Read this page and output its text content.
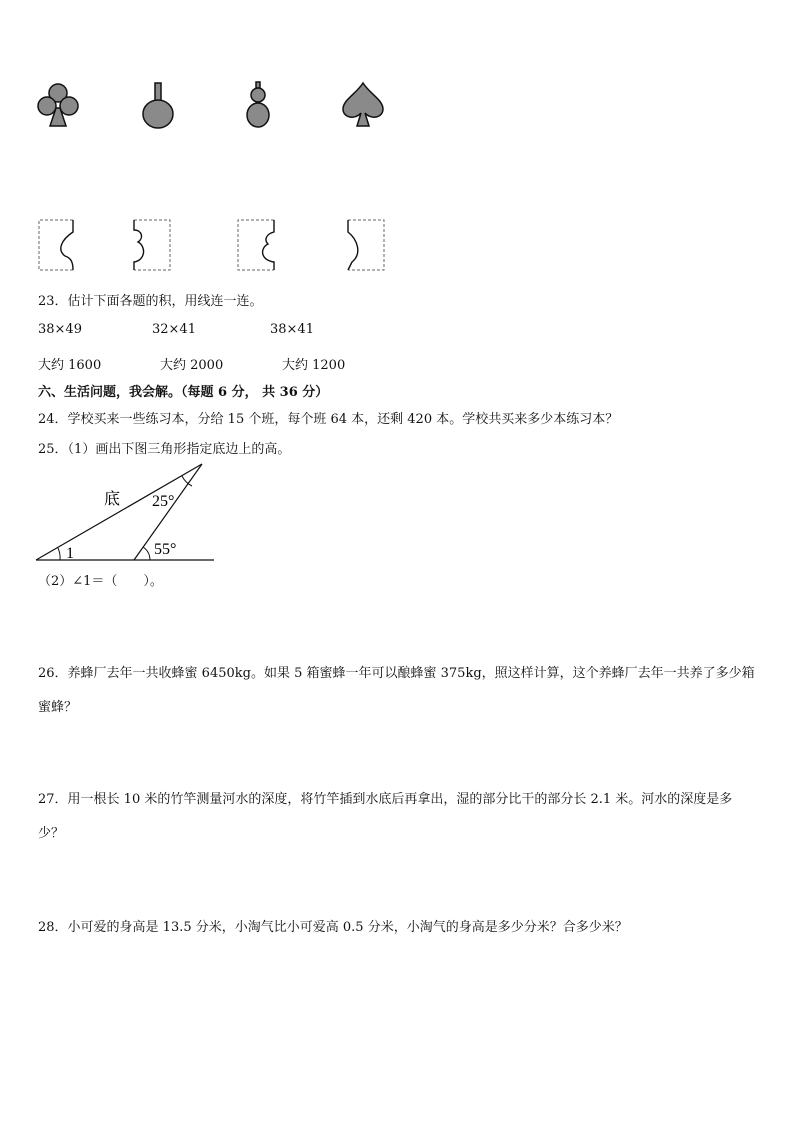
23．估计下面各题的积，用线连一连。
38×49	32×41	38×41
大约 1600	大约 2000	大约 1200
六、生活问题，我会解。（每题 6 分， 共 36 分）
24．学校买来一些练习本，分给 15 个班，每个班 64 本，还剩 420 本。学校共买来多少本练习本？
25．（1）画出下图三角形指定底边上的高。
底 25°
55°
1
（2）∠1＝（　　）。
26．养蜂厂去年一共收蜂蜜 6450kg。如果 5 箱蜜蜂一年可以酿蜂蜜 375kg，照这样计算，这个养蜂厂去年一共养了多少箱蜜蜂？
27．用一根长 10 米的竹竿测量河水的深度，将竹竿插到水底后再拿出，湿的部分比干的部分长 2.1 米。河水的深度是多少？
28．小可爱的身高是 13.5 分米，小淘气比小可爱高 0.5 分米，小淘气的身高是多少分米？合多少米？
